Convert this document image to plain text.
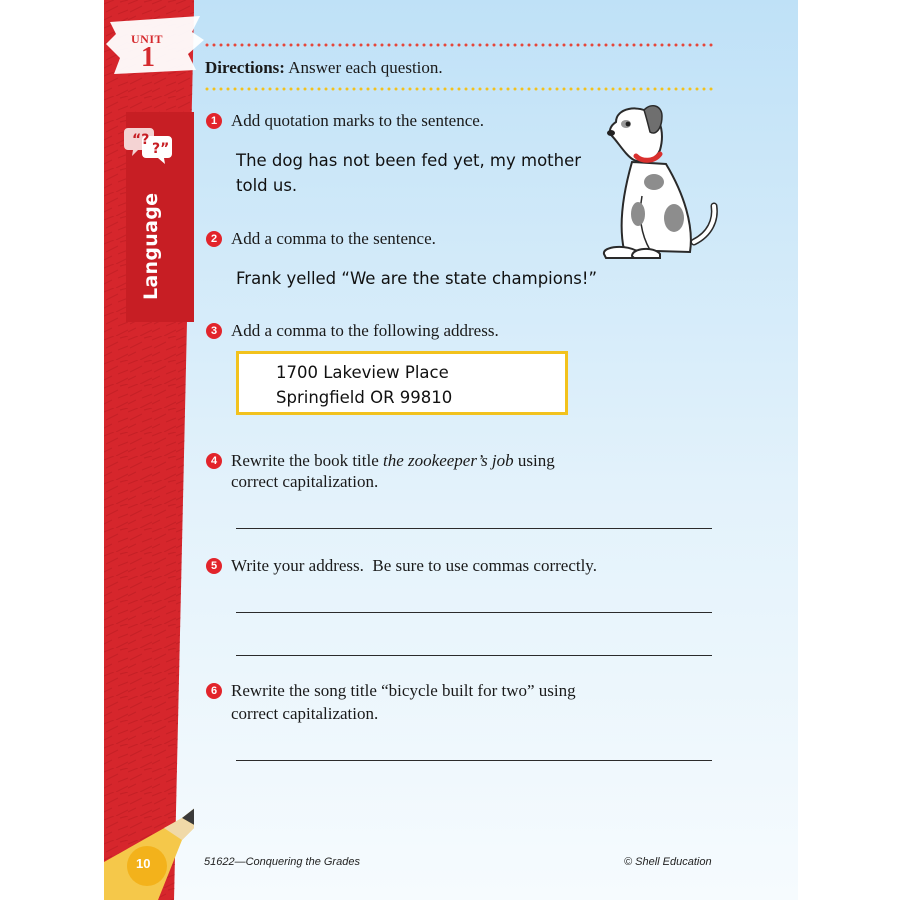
UNIT
1
“?
?”
Language
Directions: Answer each question.
1 Add quotation marks to the sentence.
The dog has not been fed yet, my mother
told us.
2 Add a comma to the sentence.
Frank yelled “We are the state champions!”
3 Add a comma to the following address.
1700 Lakeview Place
Springfield OR 99810
4 Rewrite the book title the zookeeper’s job using
correct capitalization.
5 Write your address.  Be sure to use commas correctly.
6 Rewrite the song title “bicycle built for two” using
correct capitalization.
10	51622—Conquering the Grades	© Shell Education
